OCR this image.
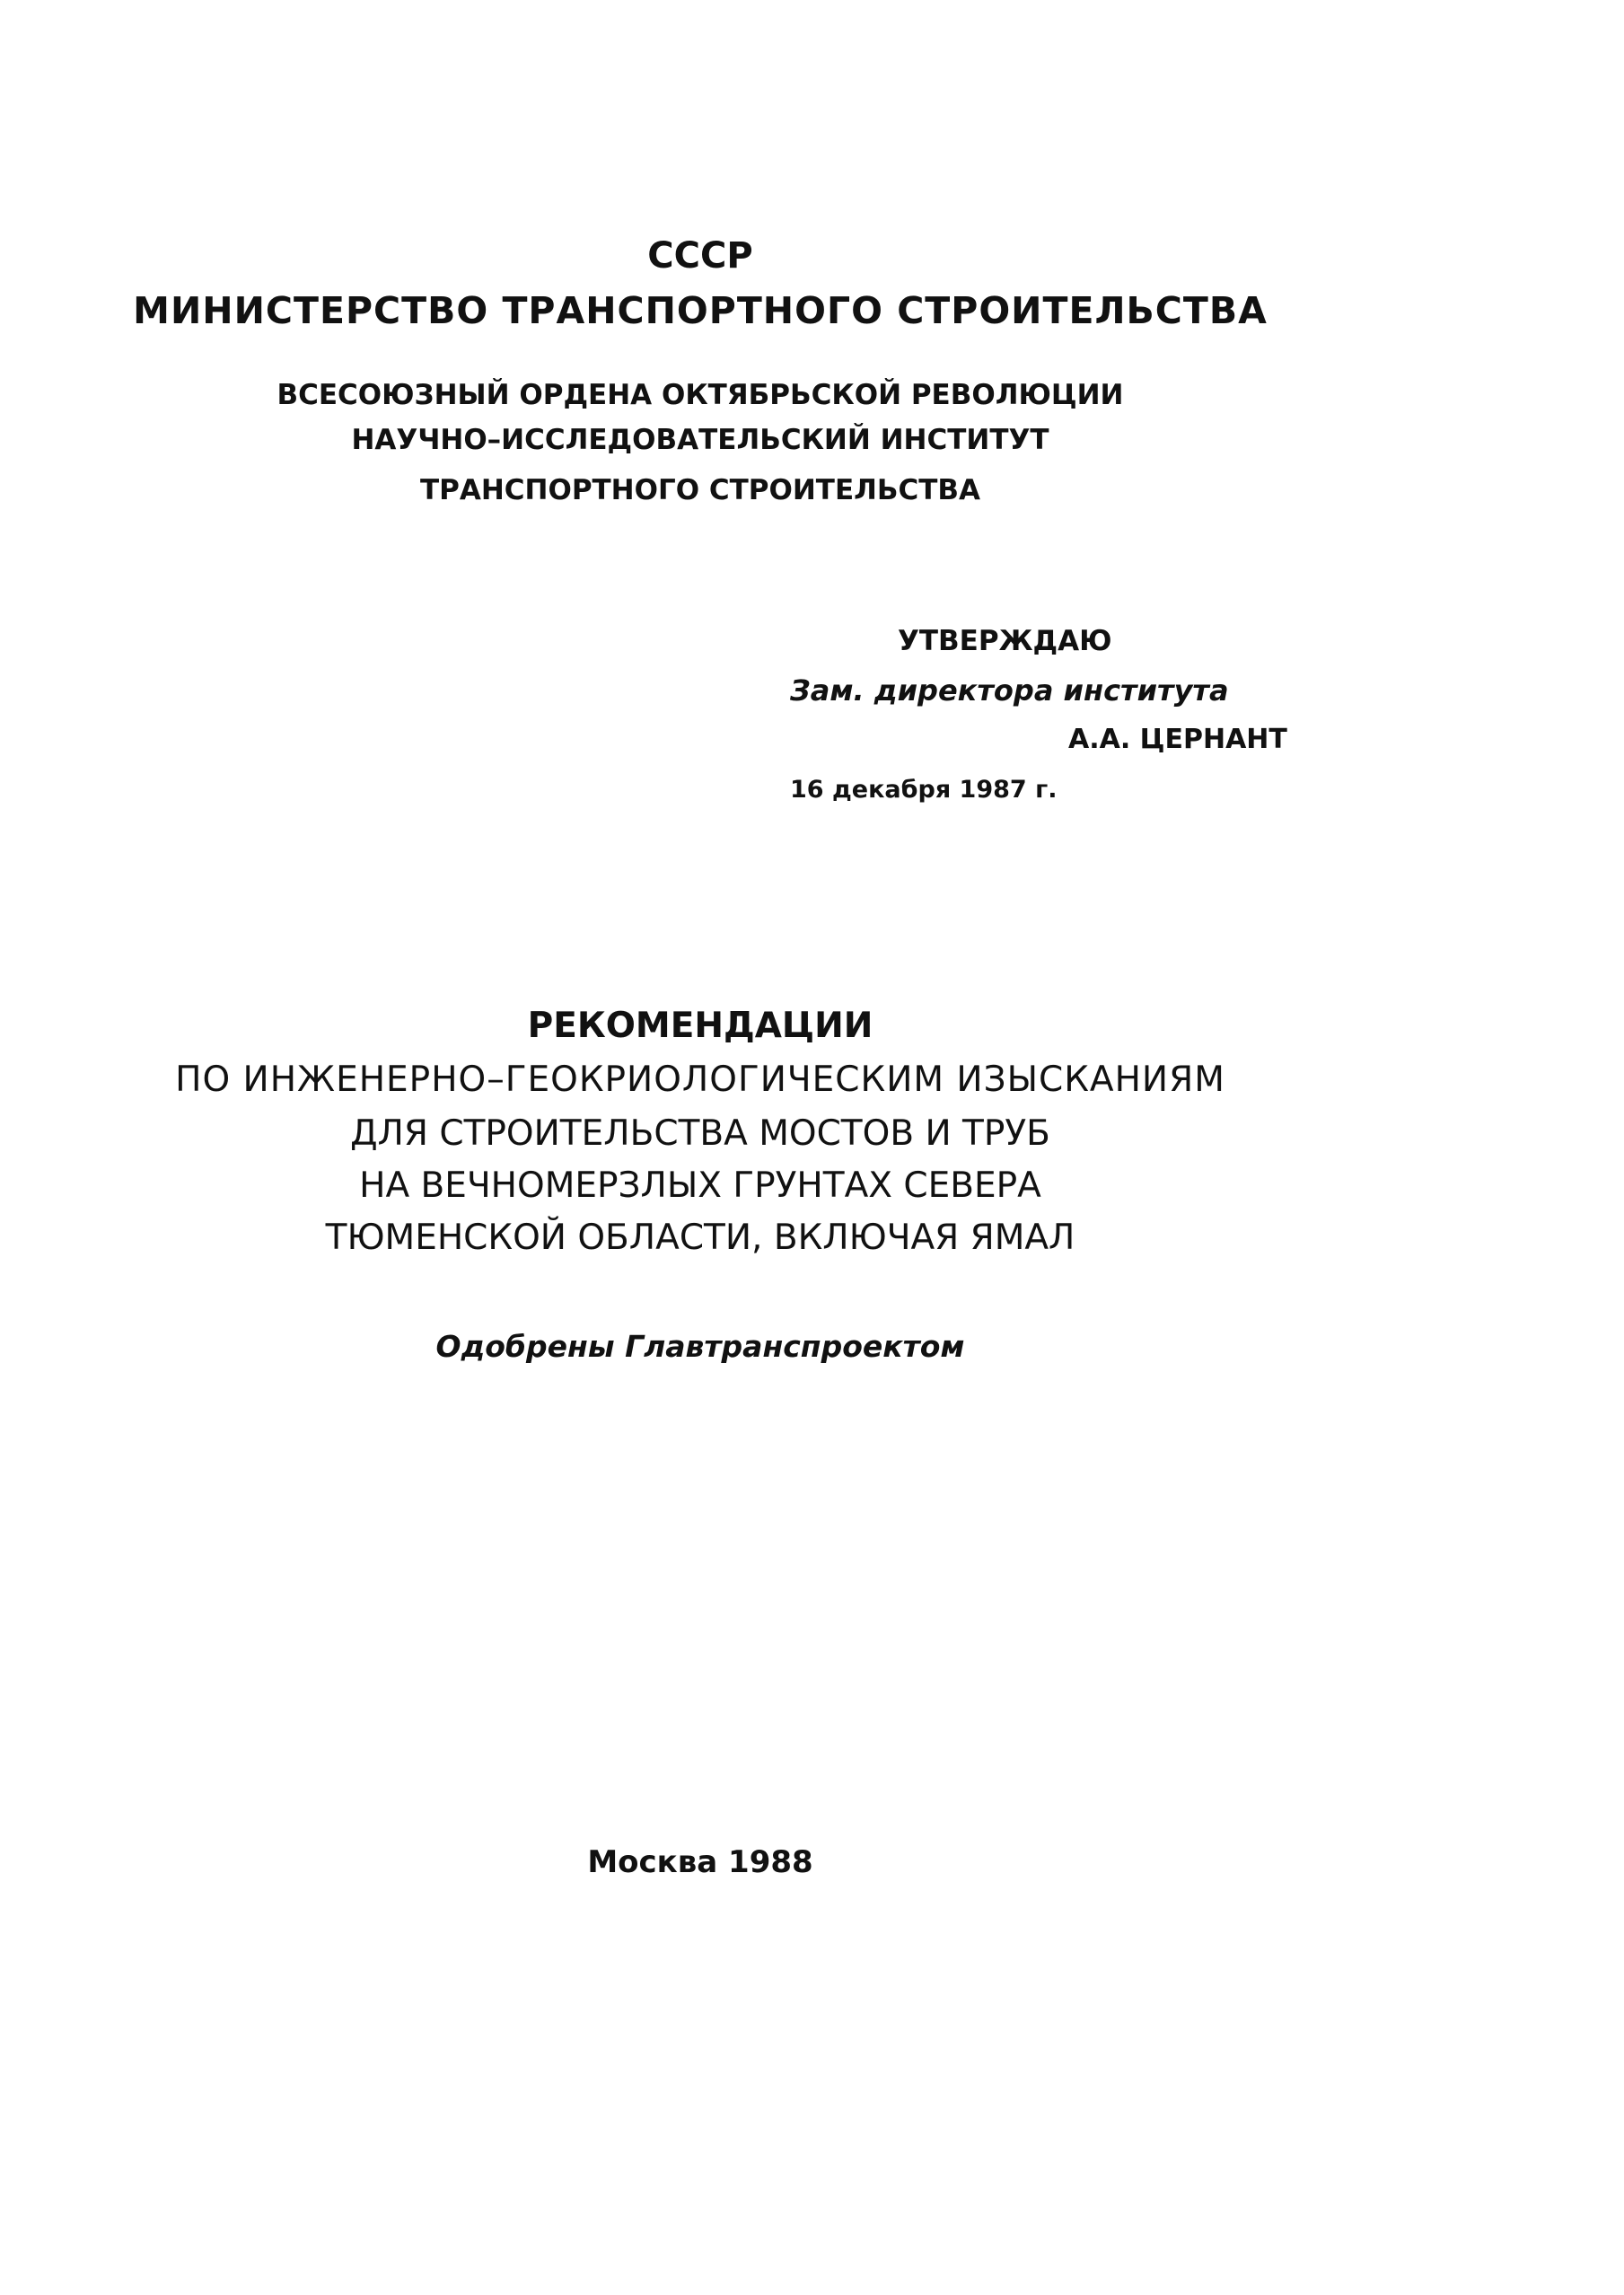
СССР
МИНИСТЕРСТВО ТРАНСПОРТНОГО СТРОИТЕЛЬСТВА
ВСЕСОЮЗНЫЙ ОРДЕНА ОКТЯБРЬСКОЙ РЕВОЛЮЦИИ
НАУЧНО–ИССЛЕДОВАТЕЛЬСКИЙ ИНСТИТУТ
ТРАНСПОРТНОГО СТРОИТЕЛЬСТВА
УТВЕРЖДАЮ
Зам. директора института
А.А. ЦЕРНАНТ
16 декабря 1987 г.
РЕКОМЕНДАЦИИ
ПО ИНЖЕНЕРНО–ГЕОКРИОЛОГИЧЕСКИМ ИЗЫСКАНИЯМ
ДЛЯ СТРОИТЕЛЬСТВА МОСТОВ И ТРУБ
НА ВЕЧНОМЕРЗЛЫХ ГРУНТАХ СЕВЕРА
ТЮМЕНСКОЙ ОБЛАСТИ, ВКЛЮЧАЯ ЯМАЛ
Одобрены Главтранспроектом
Москва 1988
